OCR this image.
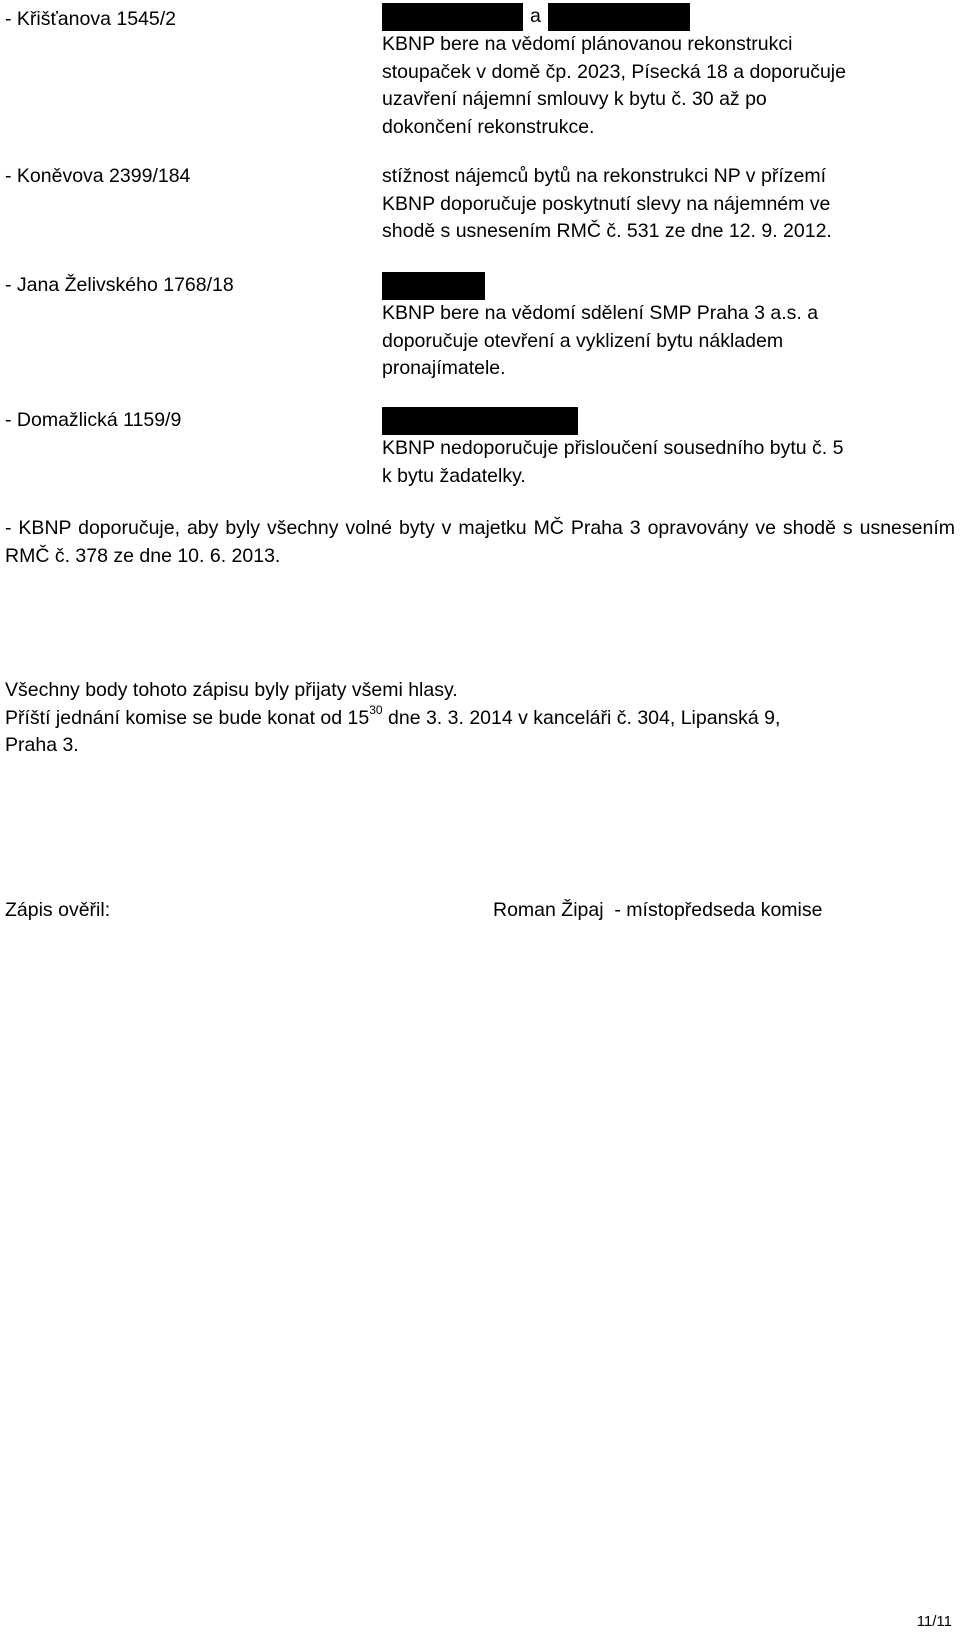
- Křišťanova 1545/2	a
KBNP bere na vědomí plánovanou rekonstrukci
stoupaček v domě čp. 2023, Písecká 18 a doporučuje
uzavření nájemní smlouvy k bytu č. 30 až po
dokončení rekonstrukce.
- Koněvova 2399/184	stížnost nájemců bytů na rekonstrukci NP v přízemí
KBNP doporučuje poskytnutí slevy na nájemném ve
shodě s usnesením RMČ č. 531 ze dne 12. 9. 2012.
- Jana Želivského 1768/18
KBNP bere na vědomí sdělení SMP Praha 3 a.s. a
doporučuje otevření a vyklizení bytu nákladem
pronajímatele.
- Domažlická 1159/9
KBNP nedoporučuje přisloučení sousedního bytu č. 5
k bytu žadatelky.
- KBNP doporučuje, aby byly všechny volné byty v majetku MČ Praha 3 opravovány ve shodě s usnesením RMČ č. 378 ze dne 10. 6. 2013.
Všechny body tohoto zápisu byly přijaty všemi hlasy.
Příští jednání komise se bude konat od $15^{30}$ dne 3. 3. 2014 v kanceláři č. 304, Lipanská 9,
Praha 3.
Zápis ověřil:	Roman Žipaj  - místopředseda komise
11/11
